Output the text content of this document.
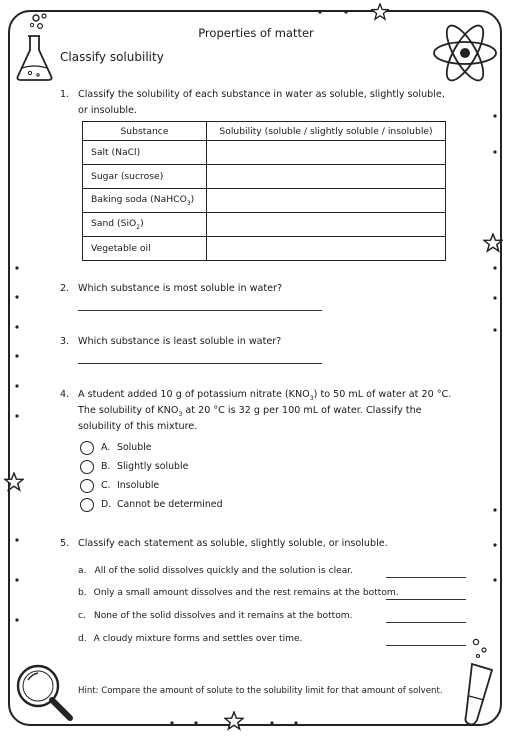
Properties of matter
Classify solubility
1. Classify the solubility of each substance in water as soluble, slightly soluble,
or insoluble.
Substance	Solubility (soluble / slightly soluble / insoluble)
Salt (NaCl)	
Sugar (sucrose)	
Baking soda (NaHCO$_3$)	
Sand (SiO$_2$)	
Vegetable oil	
2. Which substance is most soluble in water?
3. Which substance is least soluble in water?
4. A student added 10 g of potassium nitrate $(KNO_3)$ to 50 mL of water at 20 °C.
The solubility of $KNO_3$ at 20 °C is 32 g per 100 mL of water. Classify the
solubility of this mixture.
A. Soluble
B. Slightly soluble
C. Insoluble
D. Cannot be determined
5. Classify each statement as soluble, slightly soluble, or insoluble.
a. All of the solid dissolves quickly and the solution is clear.
b. Only a small amount dissolves and the rest remains at the bottom.
c. None of the solid dissolves and it remains at the bottom.
d. A cloudy mixture forms and settles over time.
Hint: Compare the amount of solute to the solubility limit for that amount of solvent.
